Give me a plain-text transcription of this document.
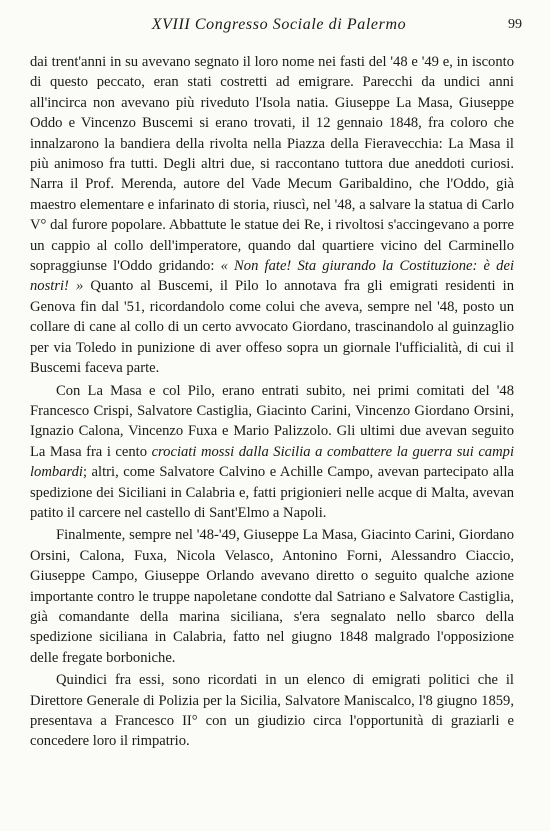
XVIII Congresso Sociale di Palermo	99

dai trent'anni in su avevano segnato il loro nome nei fasti del '48 e '49 e, in isconto di questo peccato, eran stati costretti ad emigrare. Parecchi da undici anni all'incirca non avevano più riveduto l'Isola natia. Giuseppe La Masa, Giuseppe Oddo e Vincenzo Buscemi si erano trovati, il 12 gennaio 1848, fra coloro che innalzarono la bandiera della rivolta nella Piazza della Fieravecchia: La Masa il più animoso fra tutti. Degli altri due, si raccontano tuttora due aneddoti curiosi. Narra il Prof. Merenda, autore del Vade Mecum Garibaldino, che l'Oddo, già maestro elementare e infarinato di storia, riuscì, nel '48, a salvare la statua di Carlo V° dal furore popolare. Abbattute le statue dei Re, i rivoltosi s'accingevano a porre un cappio al collo dell'imperatore, quando dal quartiere vicino del Carminello sopraggiunse l'Oddo gridando: « Non fate! Sta giurando la Costituzione: è dei nostri! » Quanto al Buscemi, il Pilo lo annotava fra gli emigrati residenti in Genova fin dal '51, ricordandolo come colui che aveva, sempre nel '48, posto un collare di cane al collo di un certo avvocato Giordano, trascinandolo al guinzaglio per via Toledo in punizione di aver offeso sopra un giornale l'ufficialità, di cui il Buscemi faceva parte.

Con La Masa e col Pilo, erano entrati subito, nei primi comitati del '48 Francesco Crispi, Salvatore Castiglia, Giacinto Carini, Vincenzo Giordano Orsini, Ignazio Calona, Vincenzo Fuxa e Mario Palizzolo. Gli ultimi due avevan seguito La Masa fra i cento crociati mossi dalla Sicilia a combattere la guerra sui campi lombardi; altri, come Salvatore Calvino e Achille Campo, avevan partecipato alla spedizione dei Siciliani in Calabria e, fatti prigionieri nelle acque di Malta, avevan patito il carcere nel castello di Sant'Elmo a Napoli.

Finalmente, sempre nel '48-'49, Giuseppe La Masa, Giacinto Carini, Giordano Orsini, Calona, Fuxa, Nicola Velasco, Antonino Forni, Alessandro Ciaccio, Giuseppe Campo, Giuseppe Orlando avevano diretto o seguito qualche azione importante contro le truppe napoletane condotte dal Satriano e Salvatore Castiglia, già comandante della marina siciliana, s'era segnalato nello sbarco della spedizione siciliana in Calabria, fatto nel giugno 1848 malgrado l'opposizione delle fregate borboniche.

Quindici fra essi, sono ricordati in un elenco di emigrati politici che il Direttore Generale di Polizia per la Sicilia, Salvatore Maniscalco, l'8 giugno 1859, presentava a Francesco II° con un giudizio circa l'opportunità di graziarli e concedere loro il rimpatrio.
